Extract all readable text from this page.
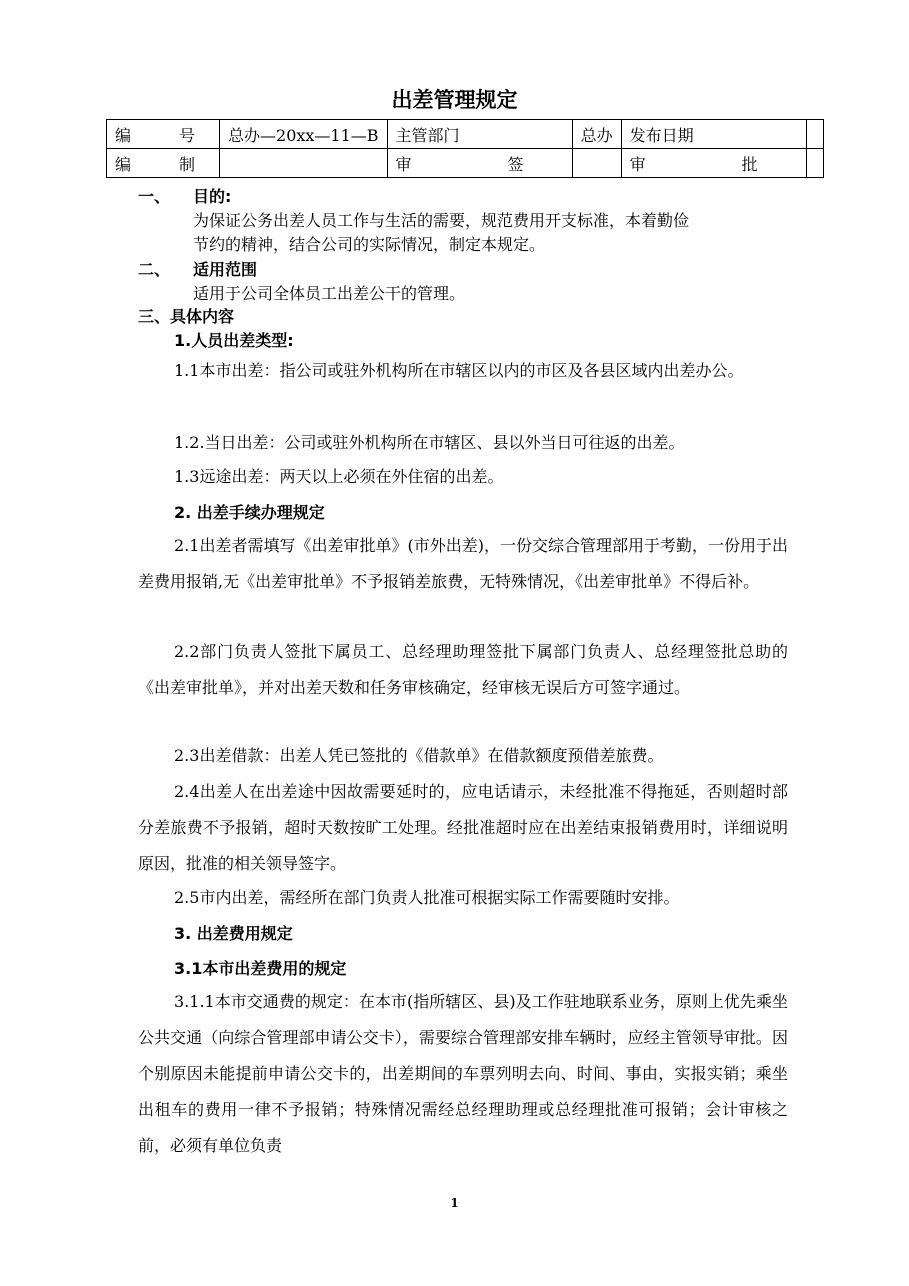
出差管理规定
编　号	总办—20xx—11—B	主管部门	总办	发布日期	
编　制		审　签		审　批	
一、 目的:
为保证公务出差人员工作与生活的需要，规范费用开支标准，本着勤俭
节约的精神，结合公司的实际情况，制定本规定。
二、 适用范围
适用于公司全体员工出差公干的管理。
三、具体内容
1.人员出差类型:
1.1本市出差：指公司或驻外机构所在市辖区以内的市区及各县区域内出差办公。
1.2.当日出差：公司或驻外机构所在市辖区、县以外当日可往返的出差。
1.3远途出差：两天以上必须在外住宿的出差。
2. 出差手续办理规定
2.1出差者需填写《出差审批单》(市外出差)，一份交综合管理部用于考勤，一份用于出差费用报销,无《出差审批单》不予报销差旅费，无特殊情况，《出差审批单》不得后补。
2.2部门负责人签批下属员工、总经理助理签批下属部门负责人、总经理签批总助的《出差审批单》，并对出差天数和任务审核确定，经审核无误后方可签字通过。
2.3出差借款：出差人凭已签批的《借款单》在借款额度预借差旅费。
2.4出差人在出差途中因故需要延时的，应电话请示，未经批准不得拖延，否则超时部分差旅费不予报销，超时天数按旷工处理。经批准超时应在出差结束报销费用时，详细说明原因，批准的相关领导签字。
2.5市内出差，需经所在部门负责人批准可根据实际工作需要随时安排。
3. 出差费用规定
3.1本市出差费用的规定
3.1.1本市交通费的规定：在本市(指所辖区、县)及工作驻地联系业务，原则上优先乘坐公共交通（向综合管理部申请公交卡），需要综合管理部安排车辆时，应经主管领导审批。因个别原因未能提前申请公交卡的，出差期间的车票列明去向、时间、事由，实报实销；乘坐出租车的费用一律不予报销；特殊情况需经总经理助理或总经理批准可报销；会计审核之前，必须有单位负责
1
